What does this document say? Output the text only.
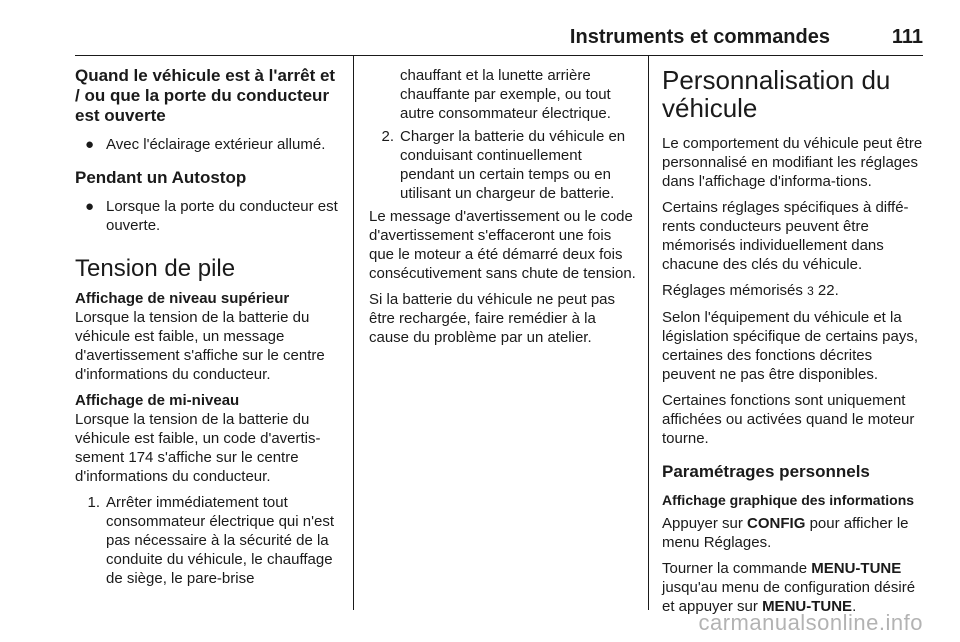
Instruments et commandes	111
Quand le véhicule est à l'arrêt et / ou que la porte du conducteur est ouverte
● Avec l'éclairage extérieur allumé.
Pendant un Autostop
● Lorsque la porte du conducteur est ouverte.
Tension de pile
Affichage de niveau supérieur

Lorsque la tension de la batterie du véhicule est faible, un message d'avertissement s'affiche sur le centre d'informations du conducteur.

Affichage de mi-niveau

Lorsque la tension de la batterie du véhicule est faible, un code d'avertis-sement 174 s'affiche sur le centre d'informations du conducteur.

1. Arrêter immédiatement tout consommateur électrique qui n'est pas nécessaire à la sécurité de la conduite du véhicule, le chauffage de siège, le pare-brise
chauffant et la lunette arrière chauffante par exemple, ou tout autre consommateur électrique.
2. Charger la batterie du véhicule en conduisant continuellement pendant un certain temps ou en utilisant un chargeur de batterie.

Le message d'avertissement ou le code d'avertissement s'effaceront une fois que le moteur a été démarré deux fois consécutivement sans chute de tension.

Si la batterie du véhicule ne peut pas être rechargée, faire remédier à la cause du problème par un atelier.

Personnalisation du véhicule

Le comportement du véhicule peut être personnalisé en modifiant les réglages dans l'affichage d'informa-tions.

Certains réglages spécifiques à diffé-rents conducteurs peuvent être mémorisés individuellement dans chacune des clés du véhicule.

Réglages mémorisés 3 22.

Selon l'équipement du véhicule et la législation spécifique de certains pays, certaines des fonctions décrites peuvent ne pas être disponibles.

Certaines fonctions sont uniquement affichées ou activées quand le moteur tourne.

Paramétrages personnels
Affichage graphique des informations

Appuyer sur CONFIG pour afficher le menu Réglages.

Tourner la commande MENU-TUNE jusqu'au menu de configuration désiré et appuyer sur MENU-TUNE.

carmanualsonline.info
